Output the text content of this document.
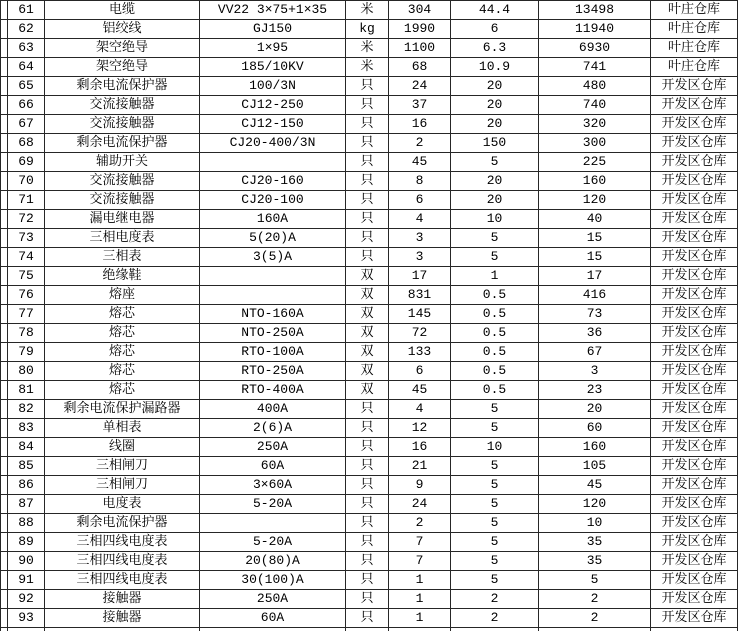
	61	电缆	VV22 3×75+1×35	米	304	44.4	13498	叶庄仓库
	62	铝绞线	GJ150	kg	1990	6	11940	叶庄仓库
	63	架空绝导	1×95	米	1100	6.3	6930	叶庄仓库
	64	架空绝导	185/10KV	米	68	10.9	741	叶庄仓库
	65	剩余电流保护器	100/3N	只	24	20	480	开发区仓库
	66	交流接触器	CJ12-250	只	37	20	740	开发区仓库
	67	交流接触器	CJ12-150	只	16	20	320	开发区仓库
	68	剩余电流保护器	CJ20-400/3N	只	2	150	300	开发区仓库
	69	辅助开关		只	45	5	225	开发区仓库
	70	交流接触器	CJ20-160	只	8	20	160	开发区仓库
	71	交流接触器	CJ20-100	只	6	20	120	开发区仓库
	72	漏电继电器	160A	只	4	10	40	开发区仓库
	73	三相电度表	5(20)A	只	3	5	15	开发区仓库
	74	三相表	3(5)A	只	3	5	15	开发区仓库
	75	绝缘鞋		双	17	1	17	开发区仓库
	76	熔座		双	831	0.5	416	开发区仓库
	77	熔芯	NTO-160A	双	145	0.5	73	开发区仓库
	78	熔芯	NTO-250A	双	72	0.5	36	开发区仓库
	79	熔芯	RTO-100A	双	133	0.5	67	开发区仓库
	80	熔芯	RTO-250A	双	6	0.5	3	开发区仓库
	81	熔芯	RTO-400A	双	45	0.5	23	开发区仓库
	82	剩余电流保护漏路器	400A	只	4	5	20	开发区仓库
	83	单相表	2(6)A	只	12	5	60	开发区仓库
	84	线圈	250A	只	16	10	160	开发区仓库
	85	三相闸刀	60A	只	21	5	105	开发区仓库
	86	三相闸刀	3×60A	只	9	5	45	开发区仓库
	87	电度表	5-20A	只	24	5	120	开发区仓库
	88	剩余电流保护器		只	2	5	10	开发区仓库
	89	三相四线电度表	5-20A	只	7	5	35	开发区仓库
	90	三相四线电度表	20(80)A	只	7	5	35	开发区仓库
	91	三相四线电度表	30(100)A	只	1	5	5	开发区仓库
	92	接触器	250A	只	1	2	2	开发区仓库
	93	接触器	60A	只	1	2	2	开发区仓库
